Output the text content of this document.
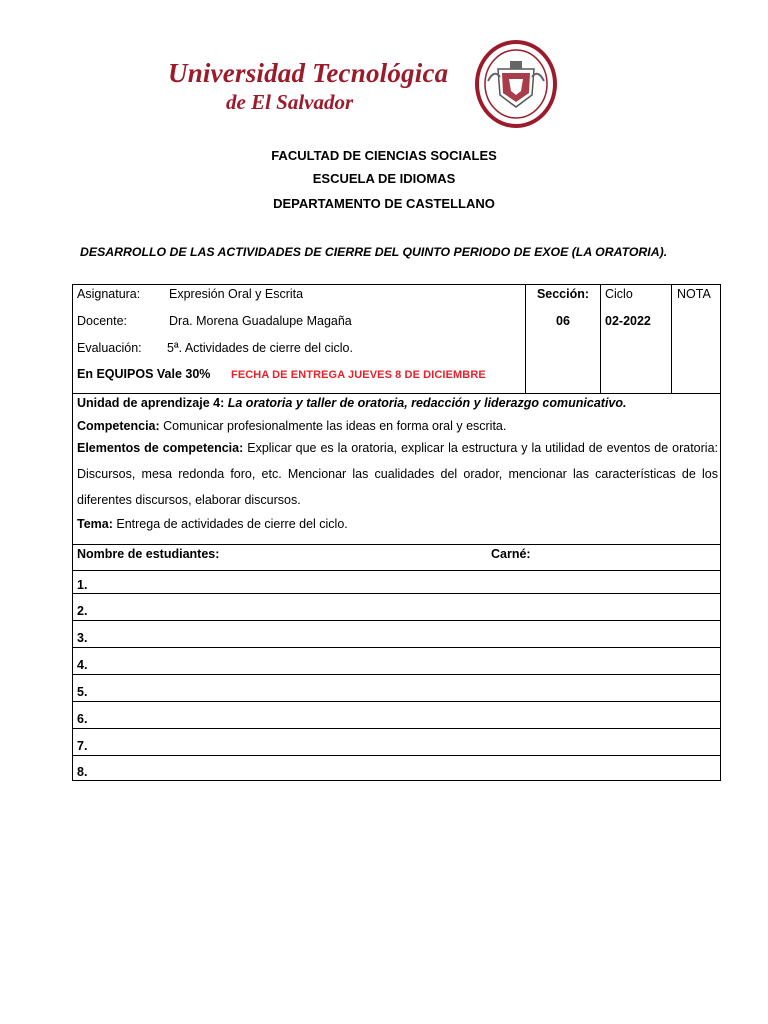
Universidad Tecnológica
de El Salvador
FACULTAD DE CIENCIAS SOCIALES
ESCUELA DE IDIOMAS
DEPARTAMENTO DE CASTELLANO
DESARROLLO DE LAS ACTIVIDADES DE CIERRE DEL QUINTO PERIODO DE EXOE (LA ORATORIA).
Asignatura: Expresión Oral y Escrita
Docente:	Dra. Morena Guadalupe Magaña
Evaluación: 5ª. Actividades de cierre del ciclo.
En EQUIPOS Vale 30% FECHA DE ENTREGA JUEVES 8 DE DICIEMBRE
Sección:
06
Ciclo
02-2022
NOTA
Unidad de aprendizaje 4: La oratoria y taller de oratoria, redacción y liderazgo comunicativo.
Competencia: Comunicar profesionalmente las ideas en forma oral y escrita.
Elementos de competencia: Explicar que es la oratoria, explicar la estructura y la utilidad de eventos de oratoria: Discursos, mesa redonda foro, etc. Mencionar las cualidades del orador, mencionar las características de los diferentes discursos, elaborar discursos.
Tema: Entrega de actividades de cierre del ciclo.
Nombre de estudiantes:	Carné:
1.
2.
3.
4.
5.
6.
7.
8.
